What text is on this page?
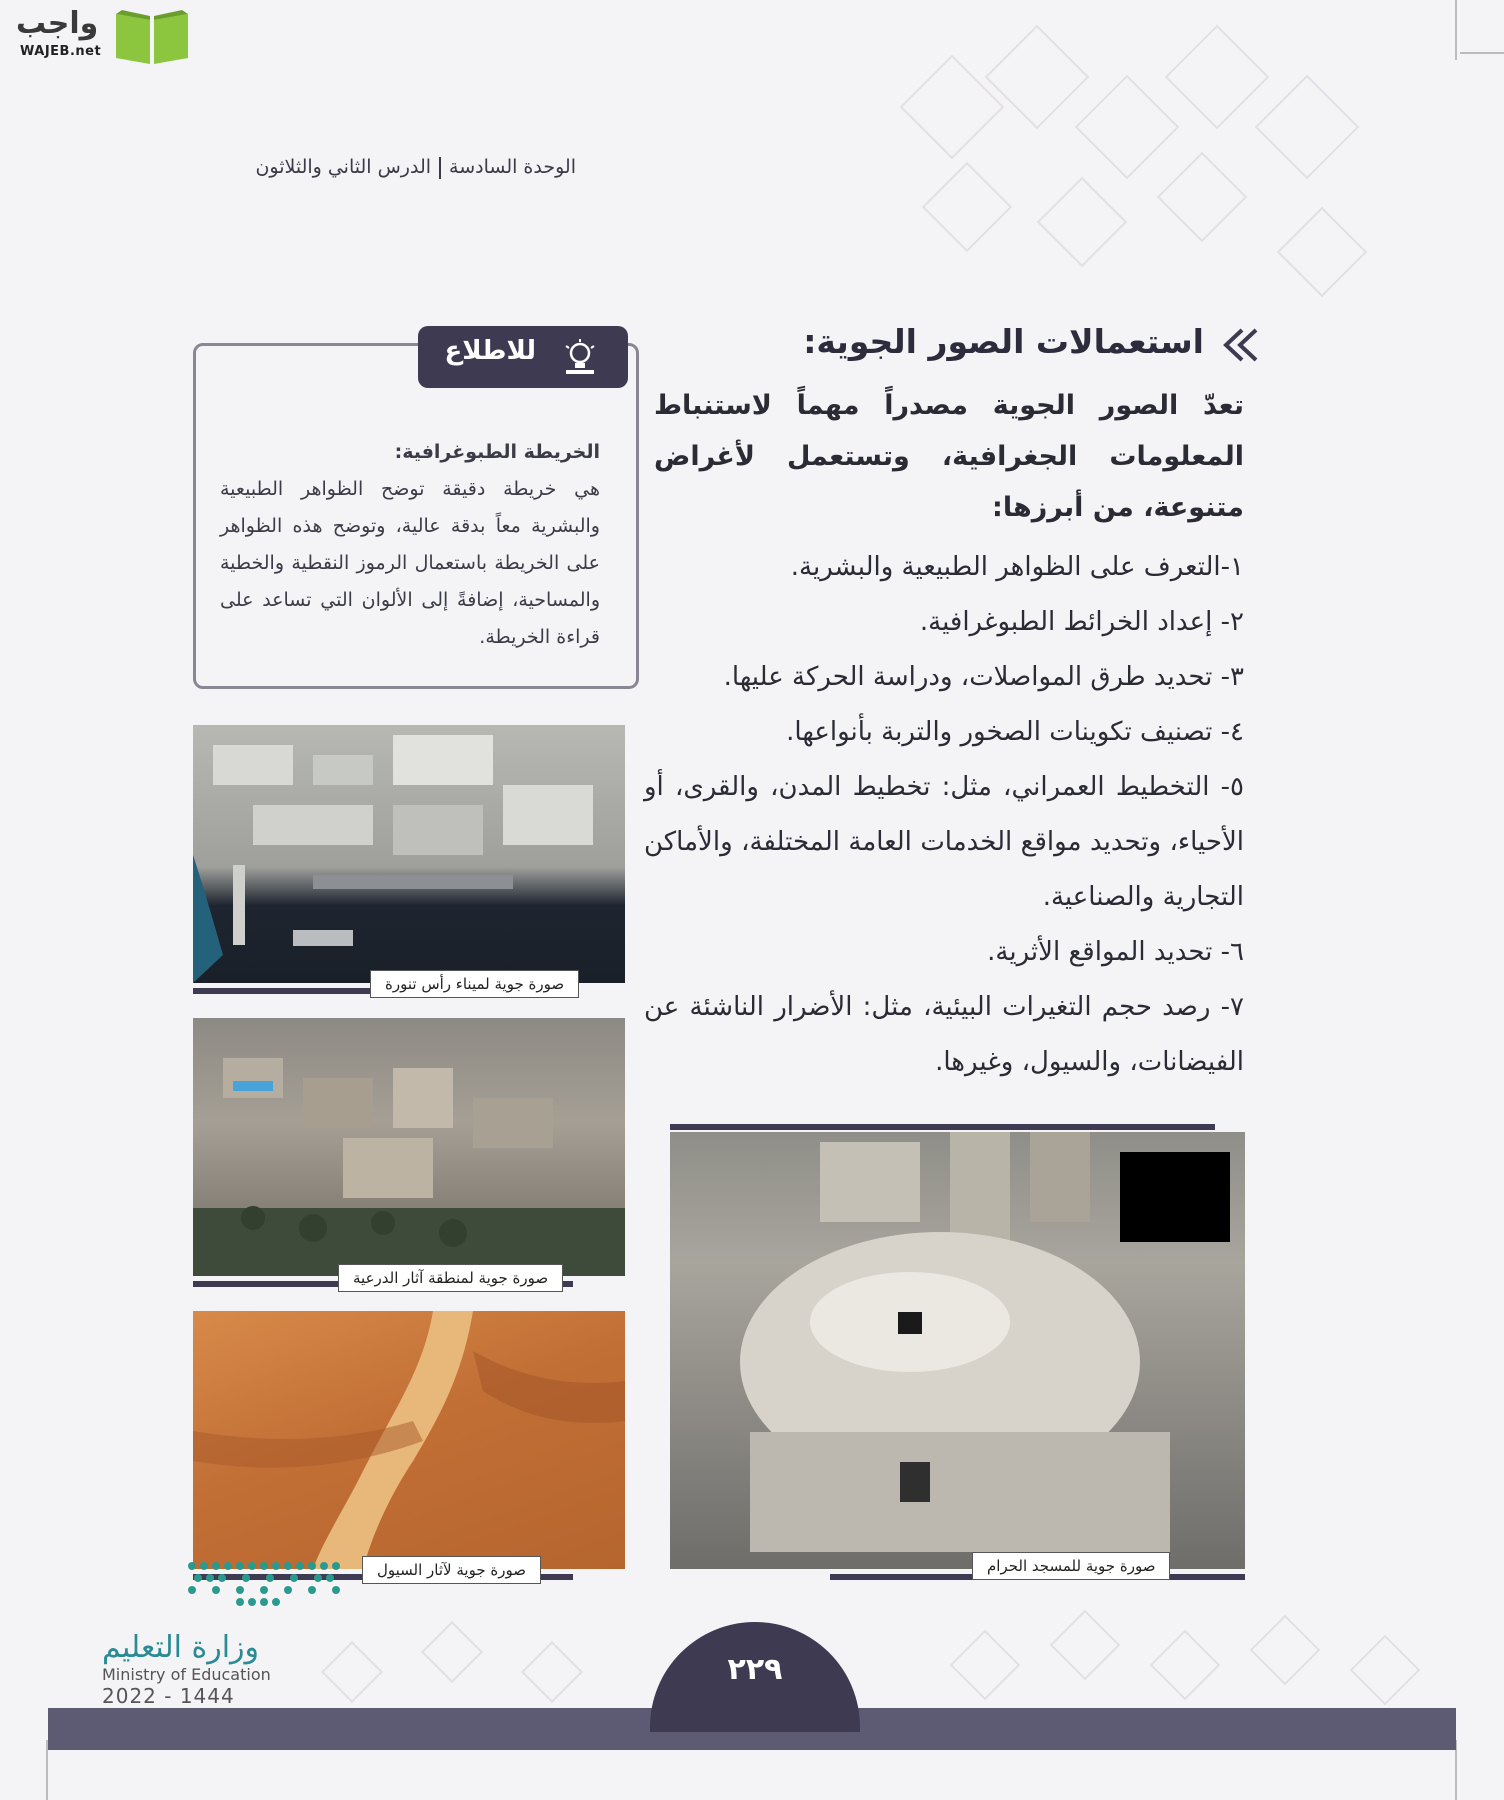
واجب
WAJEB.net
الوحدة السادسةالدرس الثاني والثلاثون
استعمالات الصور الجوية:
تعدّ الصور الجوية مصدراً مهماً لاستنباط المعلومات الجغرافية، وتستعمل لأغراض متنوعة، من أبرزها:
١-التعرف على الظواهر الطبيعية والبشرية.
٢- إعداد الخرائط الطبوغرافية.
٣- تحديد طرق المواصلات، ودراسة الحركة عليها.
٤- تصنيف تكوينات الصخور والتربة بأنواعها.
٥- التخطيط العمراني، مثل: تخطيط المدن، والقرى، أو الأحياء، وتحديد مواقع الخدمات العامة المختلفة، والأماكن التجارية والصناعية.
٦- تحديد المواقع الأثرية.
٧- رصد حجم التغيرات البيئية، مثل: الأضرار الناشئة عن الفيضانات، والسيول، وغيرها.
الخريطة الطبوغرافية:
هي خريطة دقيقة توضح الظواهر الطبيعية والبشرية معاً بدقة عالية، وتوضح هذه الظواهر على الخريطة باستعمال الرموز النقطية والخطية والمساحية، إضافةً إلى الألوان التي تساعد على قراءة الخريطة.
للاطلاع
صورة جوية لميناء رأس تنورة
صورة جوية لمنطقة آثار الدرعية
صورة جوية لآثار السيول	صورة جوية للمسجد الحرام
٢٢٩
وزارة التعليم
Ministry of Education
2022 - 1444
